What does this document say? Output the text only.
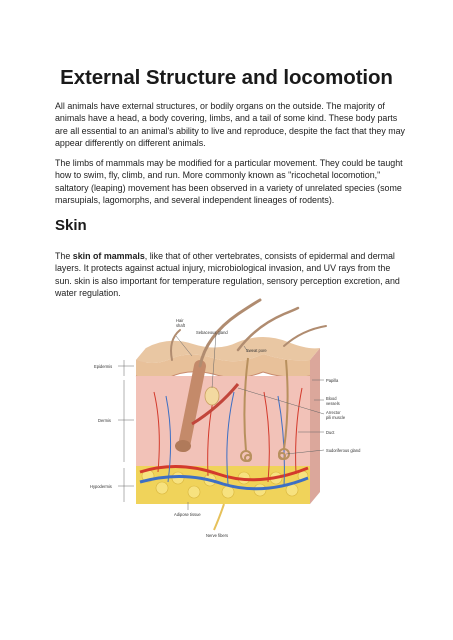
External Structure and locomotion

All animals have external structures, or bodily organs on the outside. The majority of animals have a head, a body covering, limbs, and a tail of some kind. These body parts are all essential to an animal's ability to live and reproduce, despite the fact that they may appear differently on different animals.

The limbs of mammals may be modified for a particular movement. They could be taught how to swim, fly, climb, and run. More commonly known as "ricochetal locomotion," saltatory (leaping) movement has been observed in a variety of unrelated species (some marsupials, lagomorphs, and several independent lineages of rodents).

Skin

The skin of mammals, like that of other vertebrates, consists of epidermal and dermal layers. It protects against actual injury, microbiological invasion, and UV rays from the sun. skin is also important for temperature regulation, sensory perception excretion, and water regulation.

Hair
shaft
Sebaceous gland
Sweat pore
Epidermis
Papilla
Blood
vessels
Dermis
Arrector
pili muscle
Duct
Sudoriferous gland
Hypodermis
Adipose tissue
Nerve fibers
